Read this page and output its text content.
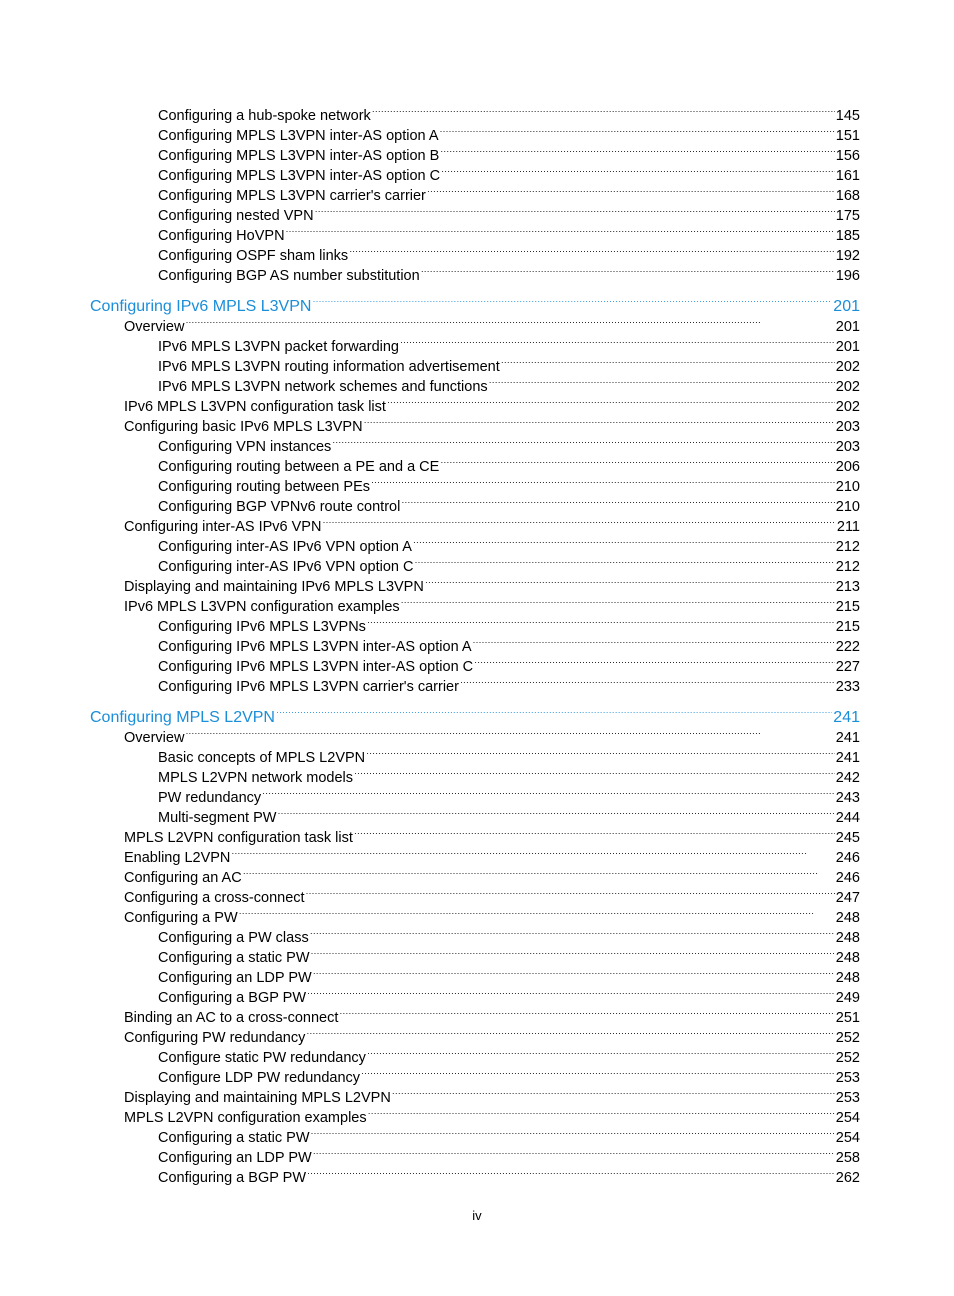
Configuring a hub-spoke network ·····	145
Configuring MPLS L3VPN inter-AS option A ·····	151
Configuring MPLS L3VPN inter-AS option B ·····	156
Configuring MPLS L3VPN inter-AS option C ·····	161
Configuring MPLS L3VPN carrier's carrier ·····	168
Configuring nested VPN ·····	175
Configuring HoVPN ·····	185
Configuring OSPF sham links ·····	192
Configuring BGP AS number substitution ·····	196
Configuring IPv6 MPLS L3VPN ·····	201
Overview ·····	201
IPv6 MPLS L3VPN packet forwarding ·····	201
IPv6 MPLS L3VPN routing information advertisement ·····	202
IPv6 MPLS L3VPN network schemes and functions ·····	202
IPv6 MPLS L3VPN configuration task list ·····	202
Configuring basic IPv6 MPLS L3VPN ·····	203
Configuring VPN instances ·····	203
Configuring routing between a PE and a CE ·····	206
Configuring routing between PEs ·····	210
Configuring BGP VPNv6 route control ·····	210
Configuring inter-AS IPv6 VPN ·····	211
Configuring inter-AS IPv6 VPN option A ·····	212
Configuring inter-AS IPv6 VPN option C ·····	212
Displaying and maintaining IPv6 MPLS L3VPN ·····	213
IPv6 MPLS L3VPN configuration examples ·····	215
Configuring IPv6 MPLS L3VPNs ·····	215
Configuring IPv6 MPLS L3VPN inter-AS option A ·····	222
Configuring IPv6 MPLS L3VPN inter-AS option C ·····	227
Configuring IPv6 MPLS L3VPN carrier's carrier ·····	233
Configuring MPLS L2VPN ·····	241
Overview ·····	241
Basic concepts of MPLS L2VPN ·····	241
MPLS L2VPN network models ·····	242
PW redundancy ·····	243
Multi-segment PW ·····	244
MPLS L2VPN configuration task list ·····	245
Enabling L2VPN ·····	246
Configuring an AC ·····	246
Configuring a cross-connect ·····	247
Configuring a PW ·····	248
Configuring a PW class ·····	248
Configuring a static PW ·····	248
Configuring an LDP PW ·····	248
Configuring a BGP PW ·····	249
Binding an AC to a cross-connect ·····	251
Configuring PW redundancy ·····	252
Configure static PW redundancy ·····	252
Configure LDP PW redundancy ·····	253
Displaying and maintaining MPLS L2VPN ·····	253
MPLS L2VPN configuration examples ·····	254
Configuring a static PW ·····	254
Configuring an LDP PW ·····	258
Configuring a BGP PW ·····	262
iv
